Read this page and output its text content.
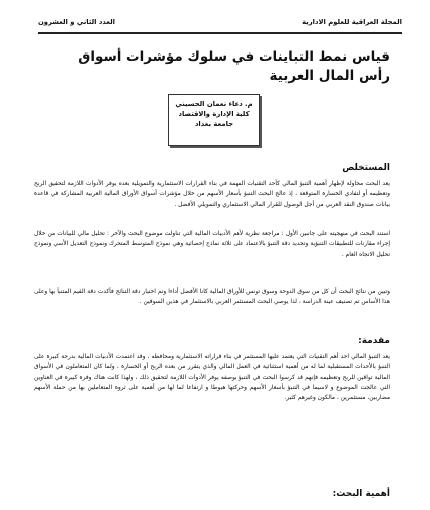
المجلة العراقية للعلوم الادارية
العدد الثاني و العشرون
قياس نمط التباينات في سلوك مؤشرات أسواق رأس المال العربية
م. دعاء نعمان الحسيني
كلية الإدارة والاقتصاد
جامعة بغداد
المستخلص
يعد البحث محاولة لإظهار أهمية التنبؤ المالي كأحد التقنيات المهمة في بناء القرارات الاستثمارية والتمويلية بعده يوفر الأدوات اللازمة لتحقيق الربح وتعظيمه أو لتفادي الخسارة المتوقعة ، إذ عالج البحث التنبؤ بأسعار الأسهم من خلال مؤشرات أسواق الأوراق المالية العربية المشاركة في قاعدة بيانات صندوق النقد العربي من أجل الوصول للقرار المالي الاستثماري والتمويلي الأفضل .
استند البحث في منهجيته على جانبين الأول : مراجعة نظرية لأهم الأدبيات المالية التي تناولت موضوع البحث والآخر : تحليل مالي للبيانات من خلال إجراء مقارنات للتطبيقات التنبؤية وتحديد دقة التنبؤ بالاعتماد على ثلاثة نماذج إحصائية وهي نموذج المتوسط المتحرك ونموذج التعديل الأسي ونموذج تحليل الاتجاه العام .
وتبين من نتائج البحث أن كل من سوق الدوحة وسوق تونس للأوراق المالية كانا الأفضل أداءا وتم اختيار دقة التنائج فأكدت دقة القيم المتنبأ بها وعلى هذا الأساس تم تصنيف عينة الدراسة ، لذا يوصي البحث المستثمر العربي بالاستثمار في هذين السوقين .
مقدمة:
يعد التنبؤ المالي احد أهم التقنيات التي يعتمد عليها المستثمر في بناء قراراته الاستثمارية ومحافظه ، وقد اعتمدت الأدبيات المالية بدرجة كبيرة على التنبؤ بالأحداث المستقبلية لما له من أهمية استثنائية في العمل المالي والذي يتقرر من بعده الربح أو الخسارة ، ولما كان المتعاملون في الأسواق المالية تواقين للربح وتعظيمه فإنهم قد كرسوا البحث في التنبؤ بوصفه يوفر الأدوات اللازمة لتحقيق ذلك ، ولهذا كانت هناك وفرة كبيرة في العناوين التي عالجت الموضوع و لاسيما في التنبؤ بأسعار الأسهم وحركتها هبوطا و ارتفاعا لما لها من أهمية على ثروة المتعاملين بها من حملة الأسهم مضاربين، مستثمرين ، مالكون وغيرهم كثير.
أهمية البحث:
